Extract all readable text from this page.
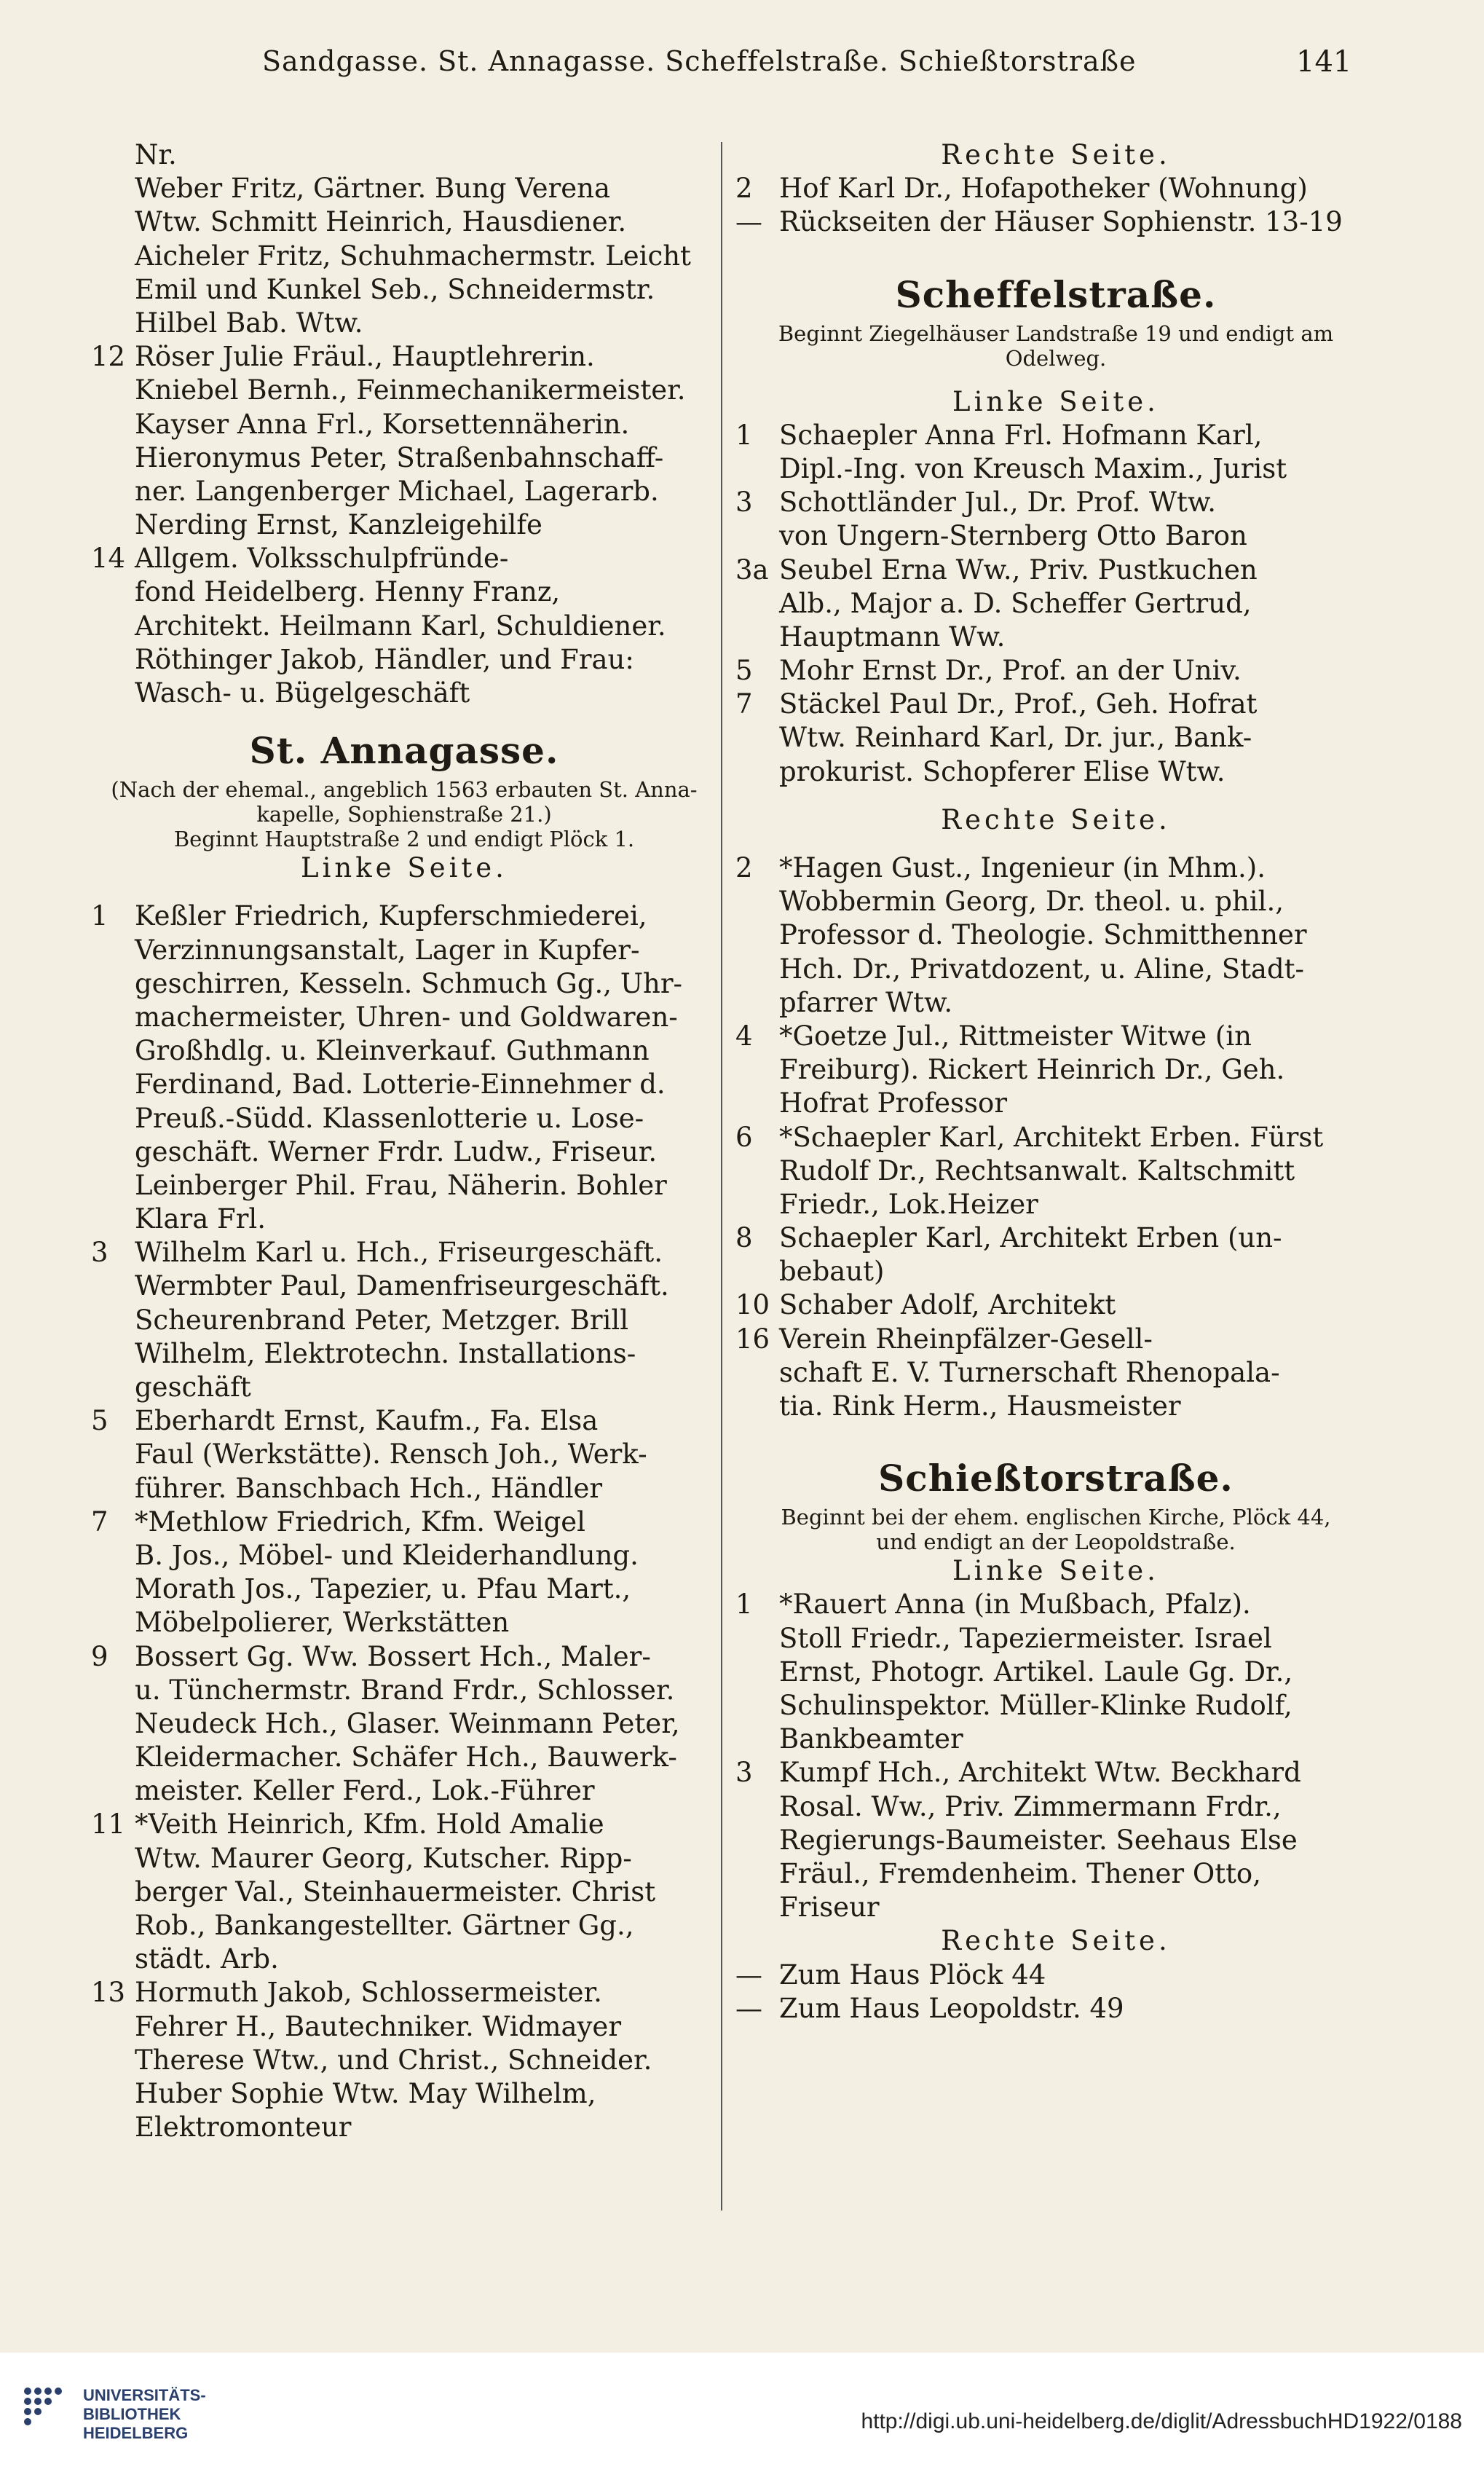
Sandgasse. St. Annagasse. Scheffelstraße. Schießtorstraße	141
Nr.
Weber Fritz, Gärtner. Bung Verena
Wtw. Schmitt Heinrich, Hausdiener.
Aicheler Fritz, Schuhmachermstr. Leicht
Emil und Kunkel Seb., Schneidermstr.
Hilbel Bab. Wtw.
12 Röser Julie Fräul., Hauptlehrerin.
Kniebel Bernh., Feinmechanikermeister.
Kayser Anna Frl., Korsettennäherin.
Hieronymus Peter, Straßenbahnschaff-
ner. Langenberger Michael, Lagerarb.
Nerding Ernst, Kanzleigehilfe
14 Allgem. Volksschulpfründe-
fond Heidelberg. Henny Franz,
Architekt. Heilmann Karl, Schuldiener.
Röthinger Jakob, Händler, und Frau:
Wasch- u. Bügelgeschäft
St. Annagasse.
(Nach der ehemal., angeblich 1563 erbauten St. Anna-
kapelle, Sophienstraße 21.)
Beginnt Hauptstraße 2 und endigt Plöck 1.
Linke Seite.
1 Keßler Friedrich, Kupferschmiederei,
Verzinnungsanstalt, Lager in Kupfer-
geschirren, Kesseln. Schmuch Gg., Uhr-
machermeister, Uhren- und Goldwaren-
Großhdlg. u. Kleinverkauf. Guthmann
Ferdinand, Bad. Lotterie-Einnehmer d.
Preuß.-Südd. Klassenlotterie u. Lose-
geschäft. Werner Frdr. Ludw., Friseur.
Leinberger Phil. Frau, Näherin. Bohler
Klara Frl.
3 Wilhelm Karl u. Hch., Friseurgeschäft.
Wermbter Paul, Damenfriseurgeschäft.
Scheurenbrand Peter, Metzger. Brill
Wilhelm, Elektrotechn. Installations-
geschäft
5 Eberhardt Ernst, Kaufm., Fa. Elsa
Faul (Werkstätte). Rensch Joh., Werk-
führer. Banschbach Hch., Händler
7 *Methlow Friedrich, Kfm. Weigel
B. Jos., Möbel- und Kleiderhandlung.
Morath Jos., Tapezier, u. Pfau Mart.,
Möbelpolierer, Werkstätten
9 Bossert Gg. Ww. Bossert Hch., Maler-
u. Tünchermstr. Brand Frdr., Schlosser.
Neudeck Hch., Glaser. Weinmann Peter,
Kleidermacher. Schäfer Hch., Bauwerk-
meister. Keller Ferd., Lok.-Führer
11 *Veith Heinrich, Kfm. Hold Amalie
Wtw. Maurer Georg, Kutscher. Ripp-
berger Val., Steinhauermeister. Christ
Rob., Bankangestellter. Gärtner Gg.,
städt. Arb.
13 Hormuth Jakob, Schlossermeister.
Fehrer H., Bautechniker. Widmayer
Therese Wtw., und Christ., Schneider.
Huber Sophie Wtw. May Wilhelm,
Elektromonteur
Rechte Seite.
2 Hof Karl Dr., Hofapotheker (Wohnung)
— Rückseiten der Häuser Sophienstr. 13-19
Scheffelstraße.
Beginnt Ziegelhäuser Landstraße 19 und endigt am
Odelweg.
Linke Seite.
1 Schaepler Anna Frl. Hofmann Karl,
Dipl.-Ing. von Kreusch Maxim., Jurist
3 Schottländer Jul., Dr. Prof. Wtw.
von Ungern-Sternberg Otto Baron
3a Seubel Erna Ww., Priv. Pustkuchen
Alb., Major a. D. Scheffer Gertrud,
Hauptmann Ww.
5 Mohr Ernst Dr., Prof. an der Univ.
7 Stäckel Paul Dr., Prof., Geh. Hofrat
Wtw. Reinhard Karl, Dr. jur., Bank-
prokurist. Schopferer Elise Wtw.
Rechte Seite.
2 *Hagen Gust., Ingenieur (in Mhm.).
Wobbermin Georg, Dr. theol. u. phil.,
Professor d. Theologie. Schmitthenner
Hch. Dr., Privatdozent, u. Aline, Stadt-
pfarrer Wtw.
4 *Goetze Jul., Rittmeister Witwe (in
Freiburg). Rickert Heinrich Dr., Geh.
Hofrat Professor
6 *Schaepler Karl, Architekt Erben. Fürst
Rudolf Dr., Rechtsanwalt. Kaltschmitt
Friedr., Lok.Heizer
8 Schaepler Karl, Architekt Erben (un-
bebaut)
10 Schaber Adolf, Architekt
16 Verein Rheinpfälzer-Gesell-
schaft E. V. Turnerschaft Rhenopala-
tia. Rink Herm., Hausmeister
Schießtorstraße.
Beginnt bei der ehem. englischen Kirche, Plöck 44,
und endigt an der Leopoldstraße.
Linke Seite.
1 *Rauert Anna (in Mußbach, Pfalz).
Stoll Friedr., Tapeziermeister. Israel
Ernst, Photogr. Artikel. Laule Gg. Dr.,
Schulinspektor. Müller-Klinke Rudolf,
Bankbeamter
3 Kumpf Hch., Architekt Wtw. Beckhard
Rosal. Ww., Priv. Zimmermann Frdr.,
Regierungs-Baumeister. Seehaus Else
Fräul., Fremdenheim. Thener Otto,
Friseur
Rechte Seite.
— Zum Haus Plöck 44
— Zum Haus Leopoldstr. 49
UNIVERSITÄTS-
BIBLIOTHEK
HEIDELBERG	http://digi.ub.uni-heidelberg.de/diglit/AdressbuchHD1922/0188
